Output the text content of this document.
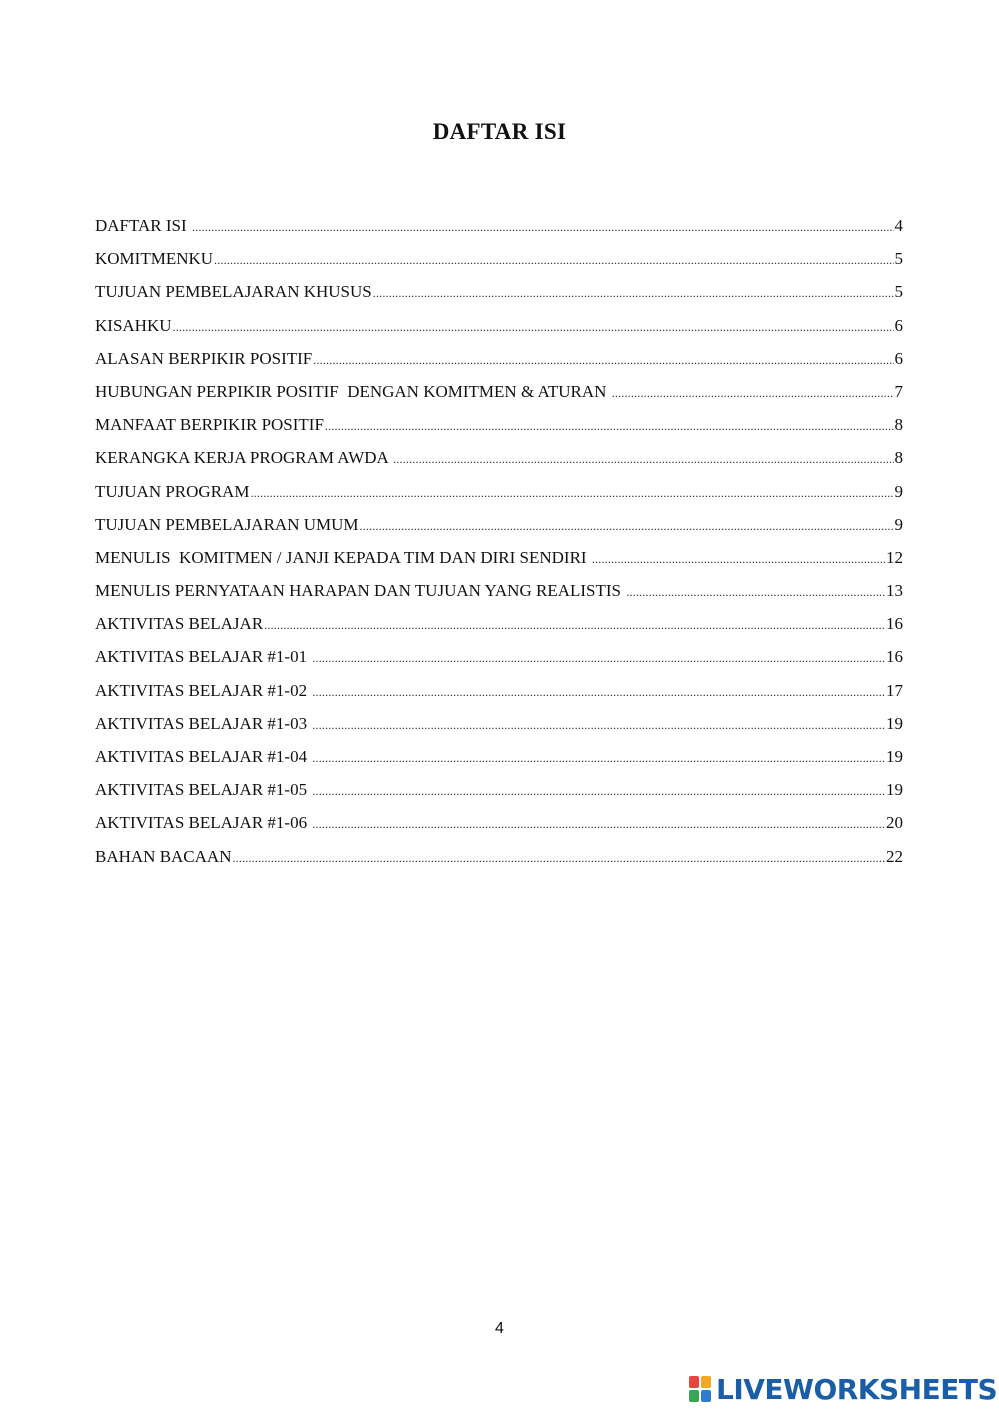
DAFTAR ISI
DAFTAR ISI .....	4
KOMITMENKU .....	5
TUJUAN PEMBELAJARAN KHUSUS .....	5
KISAHKU .....	6
ALASAN BERPIKIR POSITIF .....	6
HUBUNGAN PERPIKIR POSITIF  DENGAN KOMITMEN & ATURAN .....	7
MANFAAT BERPIKIR POSITIF .....	8
KERANGKA KERJA PROGRAM AWDA .....	8
TUJUAN PROGRAM .....	9
TUJUAN PEMBELAJARAN UMUM .....	9
MENULIS  KOMITMEN / JANJI KEPADA TIM DAN DIRI SENDIRI .....	12
MENULIS PERNYATAAN HARAPAN DAN TUJUAN YANG REALISTIS .....	13
AKTIVITAS BELAJAR .....	16
AKTIVITAS BELAJAR #1-01 .....	16
AKTIVITAS BELAJAR #1-02 .....	17
AKTIVITAS BELAJAR #1-03 .....	19
AKTIVITAS BELAJAR #1-04 .....	19
AKTIVITAS BELAJAR #1-05 .....	19
AKTIVITAS BELAJAR #1-06 .....	20
BAHAN BACAAN .....	22
4
LIVEWORKSHEETS
